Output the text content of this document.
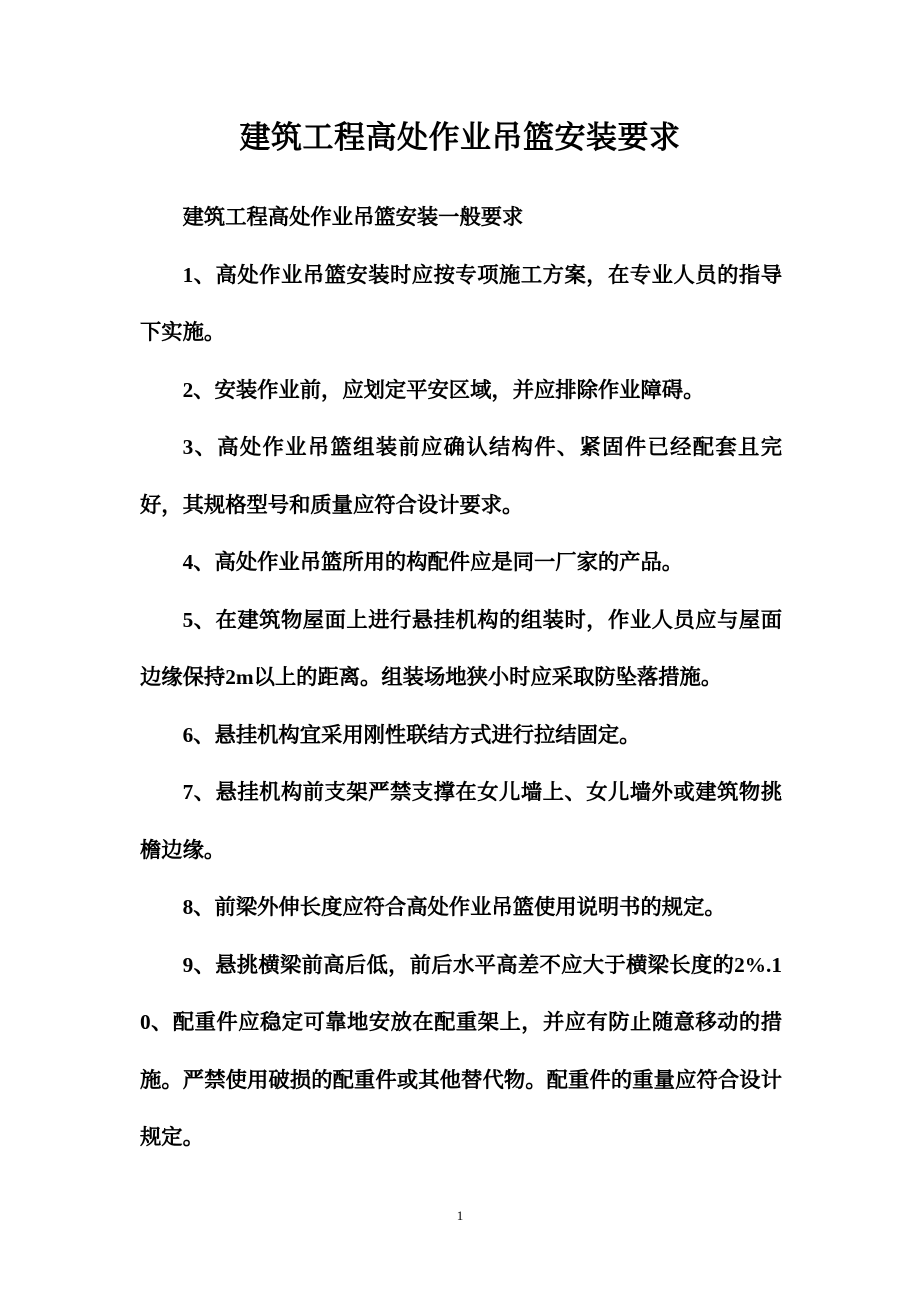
建筑工程高处作业吊篮安装要求

建筑工程高处作业吊篮安装一般要求

1、高处作业吊篮安装时应按专项施工方案，在专业人员的指导下实施。

2、安装作业前，应划定平安区域，并应排除作业障碍。

3、高处作业吊篮组装前应确认结构件、紧固件已经配套且完好，其规格型号和质量应符合设计要求。

4、高处作业吊篮所用的构配件应是同一厂家的产品。

5、在建筑物屋面上进行悬挂机构的组装时，作业人员应与屋面边缘保持2m以上的距离。组装场地狭小时应采取防坠落措施。

6、悬挂机构宜采用刚性联结方式进行拉结固定。

7、悬挂机构前支架严禁支撑在女儿墙上、女儿墙外或建筑物挑檐边缘。

8、前梁外伸长度应符合高处作业吊篮使用说明书的规定。

9、悬挑横梁前高后低，前后水平高差不应大于横梁长度的2%.10、配重件应稳定可靠地安放在配重架上，并应有防止随意移动的措施。严禁使用破损的配重件或其他替代物。配重件的重量应符合设计规定。

1
